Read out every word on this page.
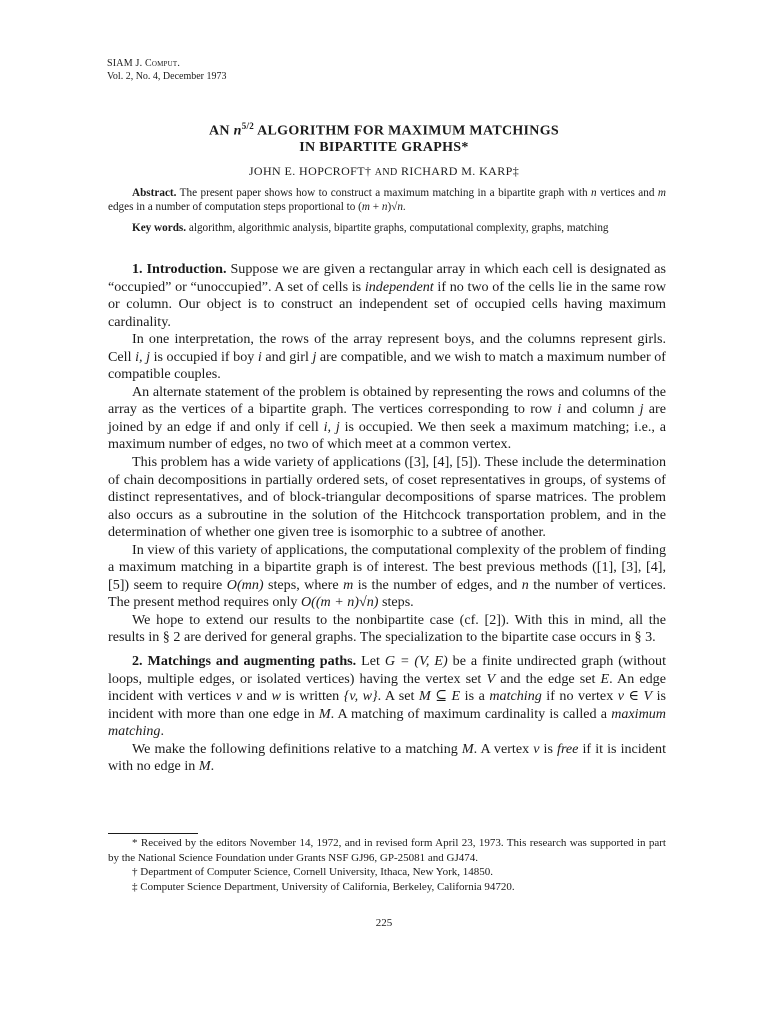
SIAM J. Comput.
Vol. 2, No. 4, December 1973
AN $n^{5/2}$ ALGORITHM FOR MAXIMUM MATCHINGS
IN BIPARTITE GRAPHS*
JOHN E. HOPCROFT† AND RICHARD M. KARP‡

Abstract. The present paper shows how to construct a maximum matching in a bipartite graph with n vertices and m edges in a number of computation steps proportional to (m + n)√n.

Key words. algorithm, algorithmic analysis, bipartite graphs, computational complexity, graphs, matching

1. Introduction. Suppose we are given a rectangular array in which each cell is designated as “occupied” or “unoccupied”. A set of cells is independent if no two of the cells lie in the same row or column. Our object is to construct an independent set of occupied cells having maximum cardinality.

In one interpretation, the rows of the array represent boys, and the columns represent girls. Cell i, j is occupied if boy i and girl j are compatible, and we wish to match a maximum number of compatible couples.

An alternate statement of the problem is obtained by representing the rows and columns of the array as the vertices of a bipartite graph. The vertices corresponding to row i and column j are joined by an edge if and only if cell i, j is occupied. We then seek a maximum matching; i.e., a maximum number of edges, no two of which meet at a common vertex.

This problem has a wide variety of applications ([3], [4], [5]). These include the determination of chain decompositions in partially ordered sets, of coset representatives in groups, of systems of distinct representatives, and of block-triangular decompositions of sparse matrices. The problem also occurs as a subroutine in the solution of the Hitchcock transportation problem, and in the determination of whether one given tree is isomorphic to a subtree of another.

In view of this variety of applications, the computational complexity of the problem of finding a maximum matching in a bipartite graph is of interest. The best previous methods ([1], [3], [4], [5]) seem to require O(mn) steps, where m is the number of edges, and n the number of vertices. The present method requires only O((m + n)√n) steps.

We hope to extend our results to the nonbipartite case (cf. [2]). With this in mind, all the results in § 2 are derived for general graphs. The specialization to the bipartite case occurs in § 3.

2. Matchings and augmenting paths. Let G = (V, E) be a finite undirected graph (without loops, multiple edges, or isolated vertices) having the vertex set V and the edge set E. An edge incident with vertices v and w is written {v, w}. A set M ⊆ E is a matching if no vertex v ∈ V is incident with more than one edge in M. A matching of maximum cardinality is called a maximum matching.

We make the following definitions relative to a matching M. A vertex v is free if it is incident with no edge in M.

* Received by the editors November 14, 1972, and in revised form April 23, 1973. This research was supported in part by the National Science Foundation under Grants NSF GJ96, GP-25081 and GJ474.

† Department of Computer Science, Cornell University, Ithaca, New York, 14850.

‡ Computer Science Department, University of California, Berkeley, California 94720.

225
